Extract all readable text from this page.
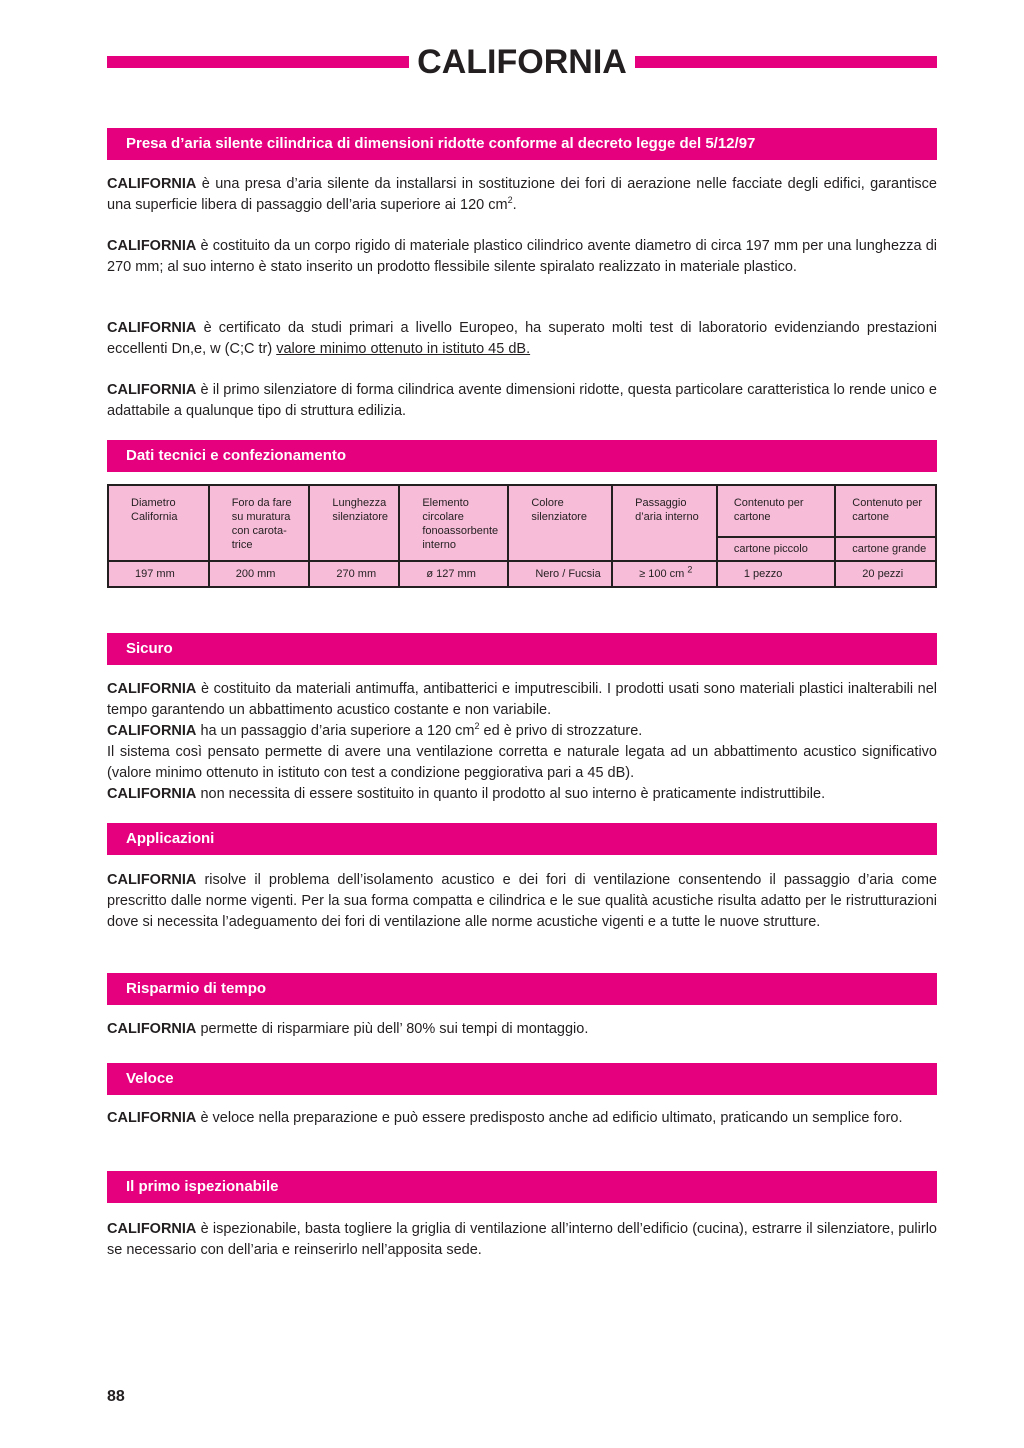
CALIFORNIA
Presa d’aria silente cilindrica di dimensioni ridotte conforme al decreto legge del 5/12/97

CALIFORNIA è una presa d’aria silente da installarsi in sostituzione dei fori di aerazione nelle facciate degli edifici, garantisce una superficie libera di passaggio dell’aria superiore ai 120 $cm^2$.

CALIFORNIA è costituito da un corpo rigido di materiale plastico cilindrico avente diametro di circa 197 mm per una lunghezza di 270 mm; al suo interno è stato inserito un prodotto flessibile silente spiralato realizzato in materiale plastico.

CALIFORNIA è certificato da studi primari a livello Europeo, ha superato molti test di laboratorio evidenziando prestazioni eccellenti Dn,e, w (C;C tr) valore minimo ottenuto in istituto 45 dB.

CALIFORNIA è il primo silenziatore di forma cilindrica avente dimensioni ridotte, questa particolare caratteristica lo rende unico e adattabile a qualunque tipo di struttura edilizia.

Dati tecnici e confezionamento
Diametro California	Foro da fare su muratura con carota-trice	Lunghezza silenziatore	Elemento circolare fonoassorbente interno	Colore silenziatore	Passaggio d’aria interno	Contenuto per cartone	Contenuto per cartone
						cartone piccolo	cartone grande
197 mm	200 mm	270 mm	ø 127 mm	Nero / Fucsia	≥ 100 cm $^2$	1 pezzo	20 pezzi
Sicuro
CALIFORNIA è costituito da materiali antimuffa, antibatterici e imputrescibili. I prodotti usati sono materiali plastici inalterabili nel tempo garantendo un abbattimento acustico costante e non variabile.
CALIFORNIA ha un passaggio d’aria superiore a 120 $cm^2$ ed è privo di strozzature.
Il sistema così pensato permette di avere una ventilazione corretta e naturale legata ad un abbattimento acustico significativo (valore minimo ottenuto in istituto con test a condizione peggiorativa pari a 45 dB).
CALIFORNIA non necessita di essere sostituito in quanto il prodotto al suo interno è praticamente indistruttibile.
Applicazioni

CALIFORNIA risolve il problema dell’isolamento acustico e dei fori di ventilazione consentendo il passaggio d’aria come prescritto dalle norme vigenti. Per la sua forma compatta e cilindrica e le sue qualità acustiche risulta adatto per le ristrutturazioni dove si necessita l’adeguamento dei fori di ventilazione alle norme acustiche vigenti e a tutte le nuove strutture.

Risparmio di tempo

CALIFORNIA permette di risparmiare più dell’ 80% sui tempi di montaggio.

Veloce

CALIFORNIA è veloce nella preparazione e può essere predisposto anche ad edificio ultimato, praticando un semplice foro.

Il primo ispezionabile

CALIFORNIA è ispezionabile, basta togliere la griglia di ventilazione all’interno dell’edificio (cucina), estrarre il silenziatore, pulirlo se necessario con dell’aria e reinserirlo nell’apposita sede.

88
